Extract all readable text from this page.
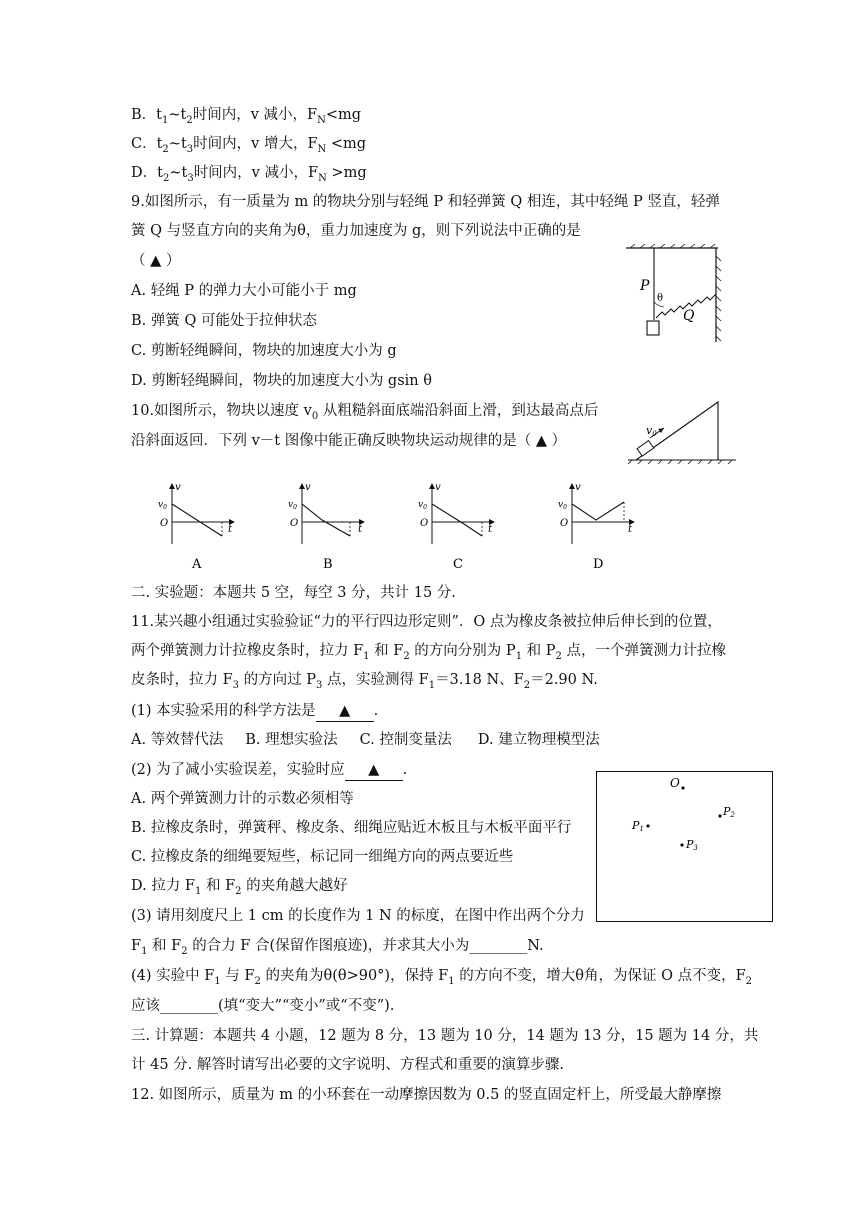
B．$t_1\sim t_2$时间内，v 减小，$F_N<mg$
C．$t_2\sim t_3$时间内，v 增大，$F_N <mg$
D．$t_2\sim t_3$时间内，v 减小，$F_N >mg$
9.如图所示，有一质量为 m 的物块分别与轻绳 P 和轻弹簧 Q 相连，其中轻绳 P 竖直，轻弹
簧 Q 与竖直方向的夹角为θ，重力加速度为 g，则下列说法中正确的是
（ ▲ ）
A. 轻绳 P 的弹力大小可能小于 mg
B. 弹簧 Q 可能处于拉伸状态
C. 剪断轻绳瞬间，物块的加速度大小为 g
D. 剪断轻绳瞬间，物块的加速度大小为 gsin θ
P
θ
Q
10.如图所示，物块以速度 $v_0$ 从粗糙斜面底端沿斜面上滑，到达最高点后
沿斜面返回．下列 v－t 图像中能正确反映物块运动规律的是（ ▲ ）
v0
v
$v_0$
O
t
A
v
$v_0$
O
t
B
v
$v_0$
O
t
C
v
$v_0$
O
t
D
二. 实验题：本题共 5 空，每空 3 分，共计 15 分.
11.某兴趣小组通过实验验证“力的平行四边形定则”．O 点为橡皮条被拉伸后伸长到的位置，
两个弹簧测力计拉橡皮条时，拉力 $F_1$ 和 $F_2$ 的方向分别为 $P_1$ 和 $P_2$ 点，一个弹簧测力计拉橡
皮条时，拉力 $F_3$ 的方向过 $P_3$ 点，实验测得 $F_1=3.18$ N、$F_2=2.90$ N.
(1) 本实验采用的科学方法是 ▲ .
A. 等效替代法 B. 理想实验法 C. 控制变量法 D. 建立物理模型法
(2) 为了减小实验误差，实验时应 ▲ .
A. 两个弹簧测力计的示数必须相等
B. 拉橡皮条时，弹簧秤、橡皮条、细绳应贴近木板且与木板平面平行
C. 拉橡皮条的细绳要短些，标记同一细绳方向的两点要近些
D. 拉力 $F_1$ 和 $F_2$ 的夹角越大越好
(3) 请用刻度尺上 1 cm 的长度作为 1 N 的标度，在图中作出两个分力
$F_1$ 和 $F_2$ 的合力 F 合(保留作图痕迹)，并求其大小为________N.
(4) 实验中 $F_1$ 与 $F_2$ 的夹角为θ(θ>90°)，保持 $F_1$ 的方向不变，增大θ角，为保证 O 点不变，$F_2$
应该________(填“变大”“变小”或“不变”).
O
P2
P1
P3
三. 计算题：本题共 4 小题，12 题为 8 分，13 题为 10 分，14 题为 13 分，15 题为 14 分，共
计 45 分. 解答时请写出必要的文字说明、方程式和重要的演算步骤.
12. 如图所示，质量为 m 的小环套在一动摩擦因数为 0.5 的竖直固定杆上，所受最大静摩擦
